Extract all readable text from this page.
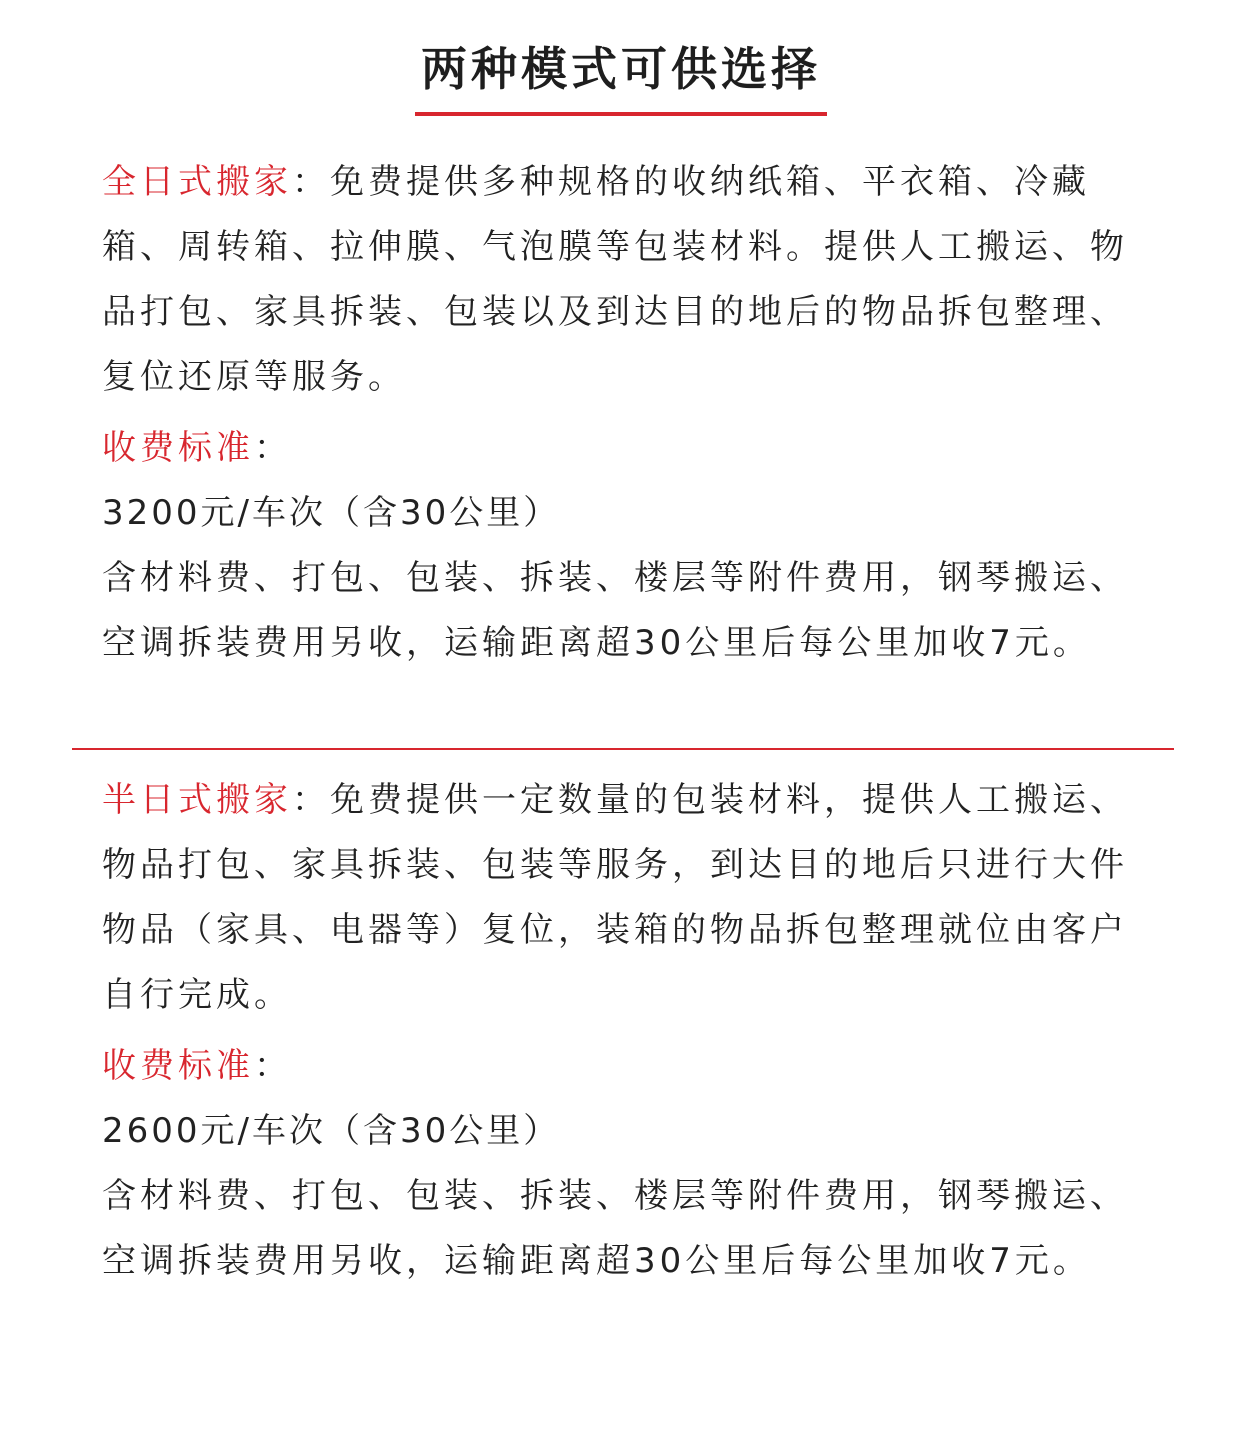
两种模式可供选择

全日式搬家：免费提供多种规格的收纳纸箱、平衣箱、冷藏箱、周转箱、拉伸膜、气泡膜等包装材料。提供人工搬运、物品打包、家具拆装、包装以及到达目的地后的物品拆包整理、复位还原等服务。

收费标准：

3200元/车次（含30公里）

含材料费、打包、包装、拆装、楼层等附件费用，钢琴搬运、空调拆装费用另收，运输距离超30公里后每公里加收7元。

半日式搬家：免费提供一定数量的包装材料，提供人工搬运、物品打包、家具拆装、包装等服务，到达目的地后只进行大件物品（家具、电器等）复位，装箱的物品拆包整理就位由客户自行完成。

收费标准：

2600元/车次（含30公里）

含材料费、打包、包装、拆装、楼层等附件费用，钢琴搬运、空调拆装费用另收，运输距离超30公里后每公里加收7元。
